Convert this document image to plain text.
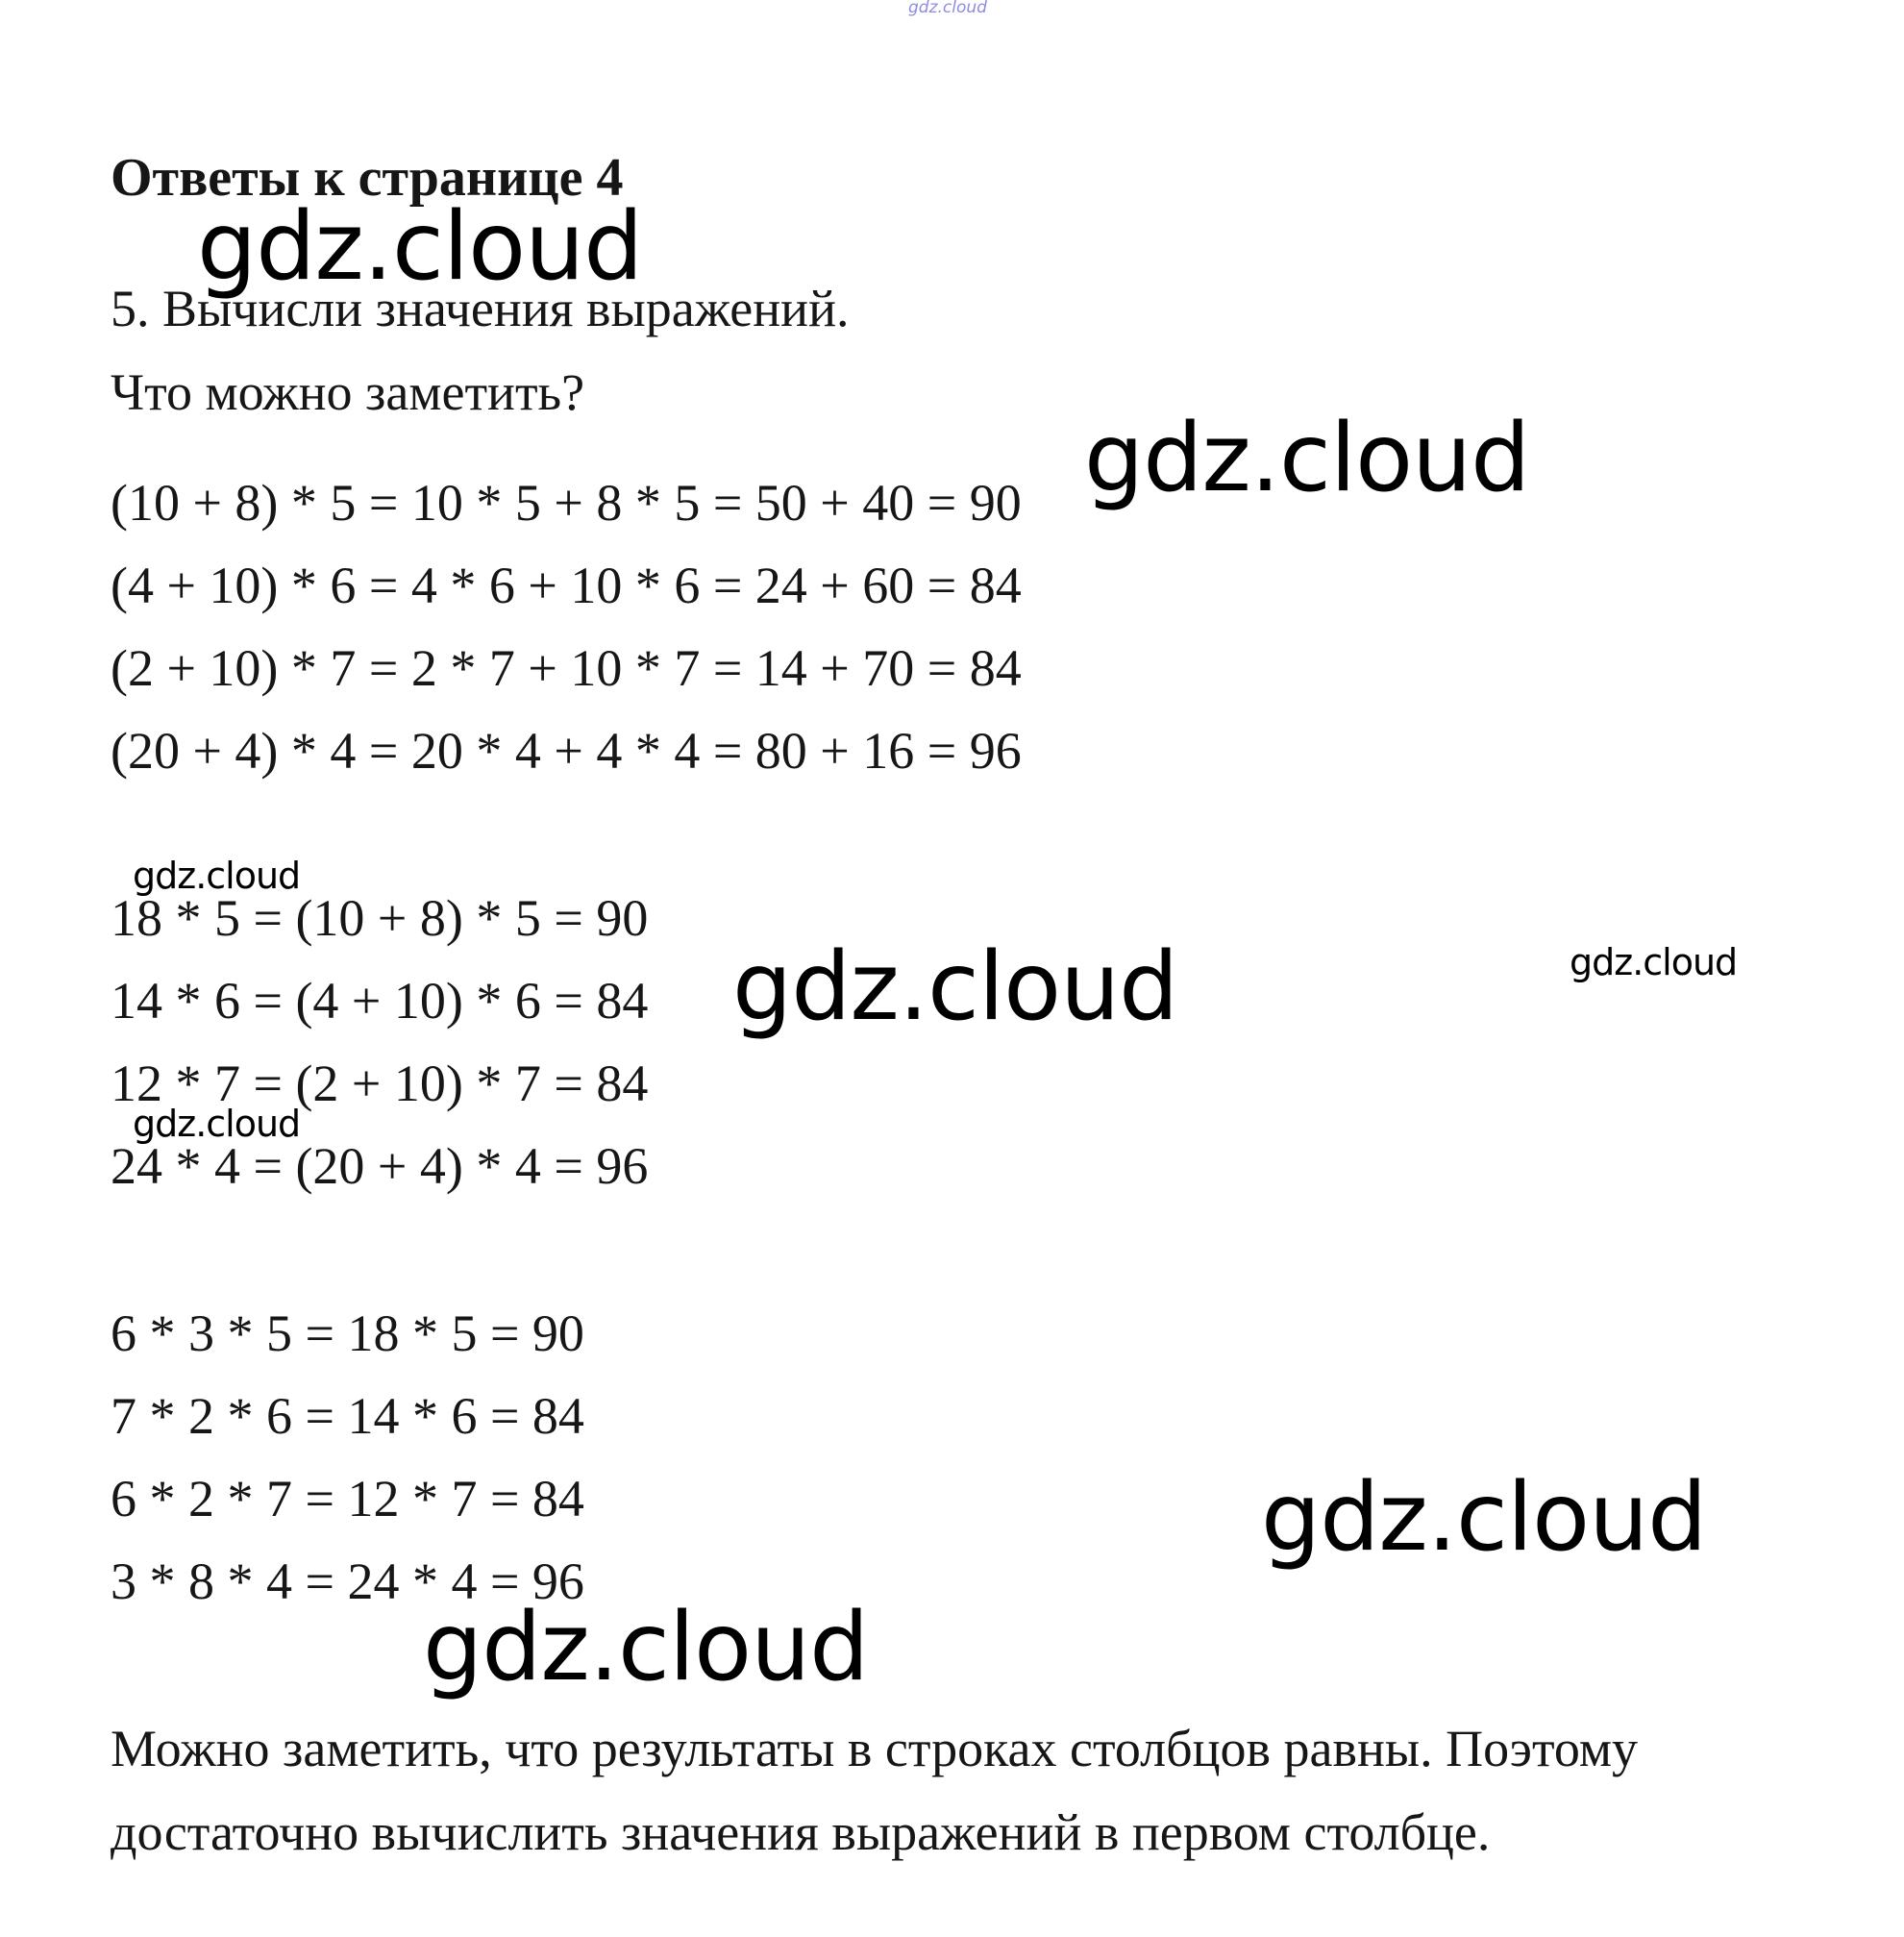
gdz.cloud
Ответы к странице 4
gdz.cloud
gdz.cloud
gdz.cloud
gdz.cloud
gdz.cloud
gdz.cloud
gdz.cloud
gdz.cloud
5. Вычисли значения выражений.
Что можно заметить?
(10 + 8) * 5 = 10 * 5 + 8 * 5 = 50 + 40 = 90
(4 + 10) * 6 = 4 * 6 + 10 * 6 = 24 + 60 = 84
(2 + 10) * 7 = 2 * 7 + 10 * 7 = 14 + 70 = 84
(20 + 4) * 4 = 20 * 4 + 4 * 4 = 80 + 16 = 96
18 * 5 = (10 + 8) * 5 = 90
14 * 6 = (4 + 10) * 6 = 84
12 * 7 = (2 + 10) * 7 = 84
24 * 4 = (20 + 4) * 4 = 96
6 * 3 * 5 = 18 * 5 = 90
7 * 2 * 6 = 14 * 6 = 84
6 * 2 * 7 = 12 * 7 = 84
3 * 8 * 4 = 24 * 4 = 96
Можно заметить, что результаты в строках столбцов равны. Поэтому
достаточно вычислить значения выражений в первом столбце.
